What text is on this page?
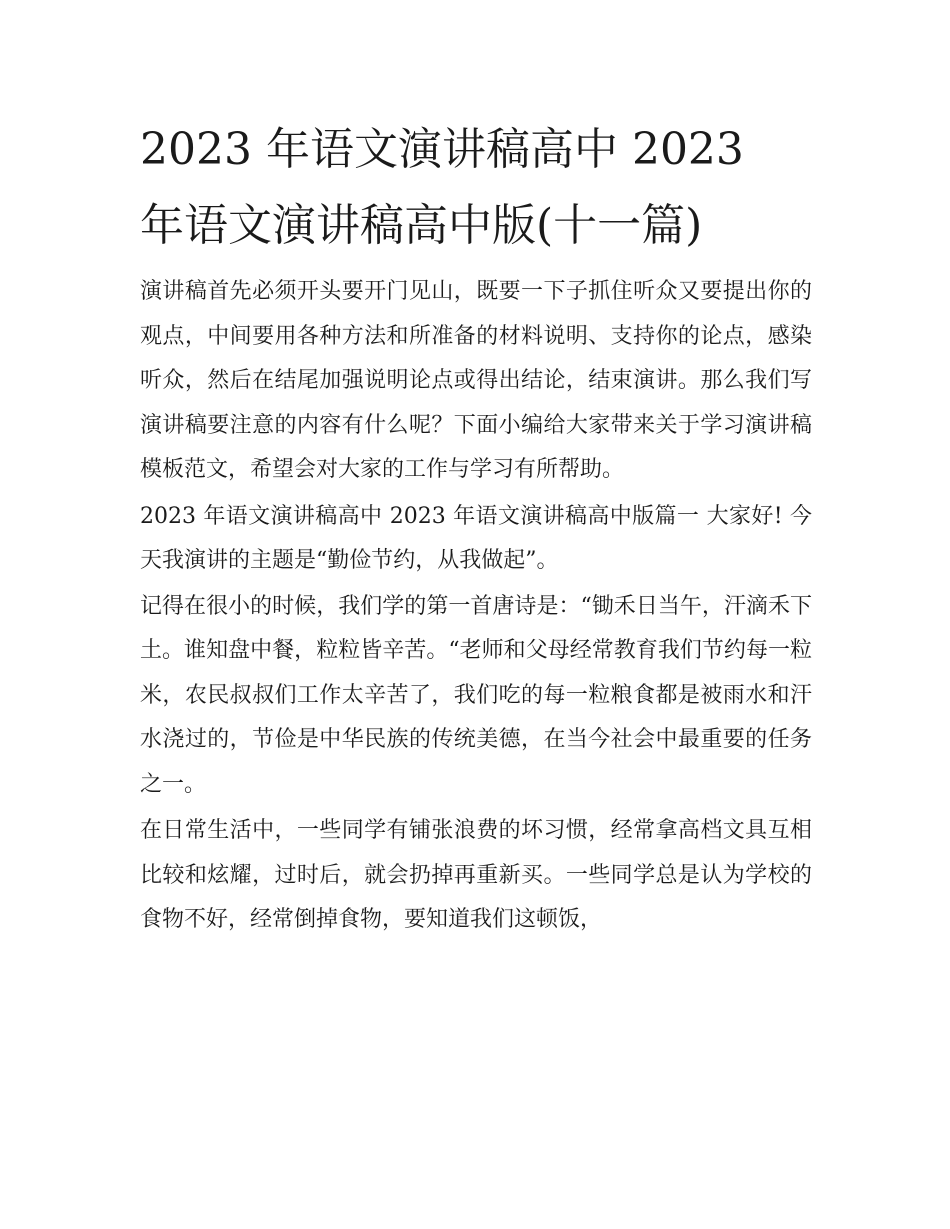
2023 年语文演讲稿高中 2023
年语文演讲稿高中版(十一篇)

演讲稿首先必须开头要开门见山，既要一下子抓住听众又要提出你的观点，中间要用各种方法和所准备的材料说明、支持你的论点，感染听众，然后在结尾加强说明论点或得出结论，结束演讲。那么我们写演讲稿要注意的内容有什么呢？下面小编给大家带来关于学习演讲稿模板范文，希望会对大家的工作与学习有所帮助。

2023 年语文演讲稿高中 2023 年语文演讲稿高中版篇一 大家好! 今天我演讲的主题是“勤俭节约，从我做起”。

记得在很小的时候，我们学的第一首唐诗是：“锄禾日当午，汗滴禾下土。谁知盘中餐，粒粒皆辛苦。“老师和父母经常教育我们节约每一粒米，农民叔叔们工作太辛苦了，我们吃的每一粒粮食都是被雨水和汗水浇过的，节俭是中华民族的传统美德，在当今社会中最重要的任务之一。

在日常生活中，一些同学有铺张浪费的坏习惯，经常拿高档文具互相比较和炫耀，过时后，就会扔掉再重新买。一些同学总是认为学校的食物不好，经常倒掉食物，要知道我们这顿饭，
